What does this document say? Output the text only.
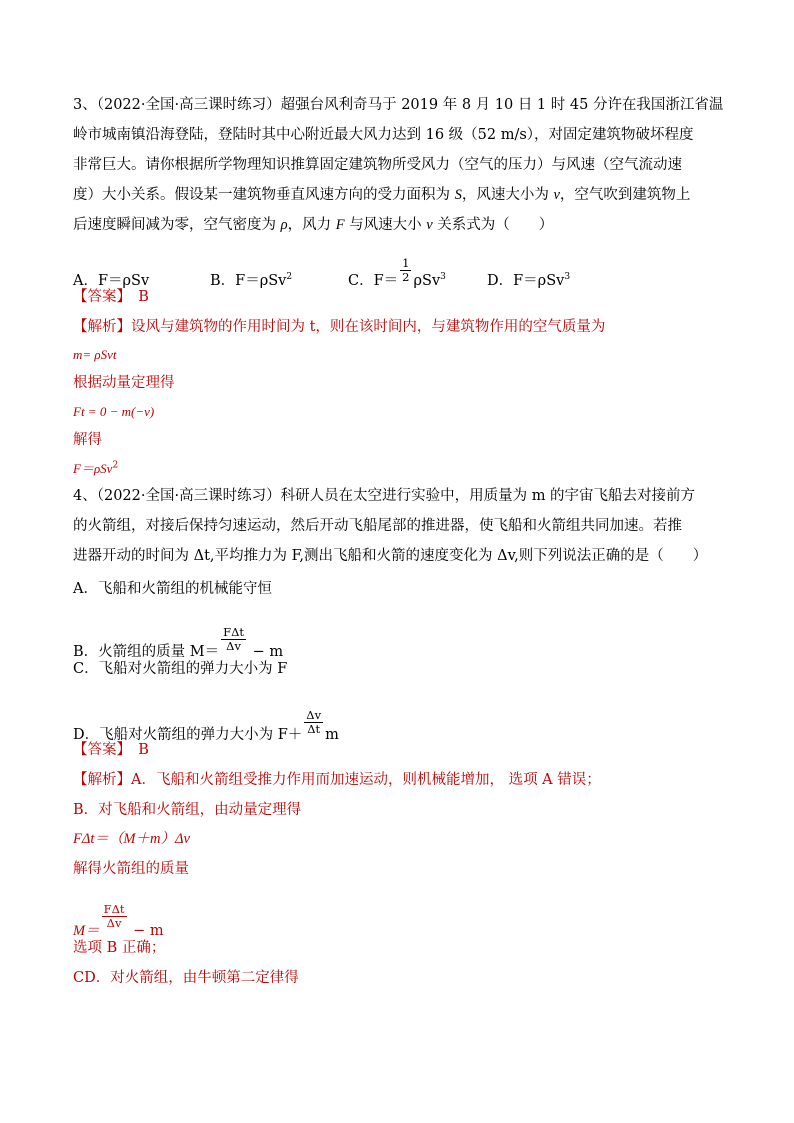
3、（2022·全国·高三课时练习）超强台风利奇马于 2019 年 8 月 10 日 1 时 45 分许在我国浙江省温
岭市城南镇沿海登陆，登陆时其中心附近最大风力达到 16 级（52 m/s），对固定建筑物破坏程度
非常巨大。请你根据所学物理知识推算固定建筑物所受风力（空气的压力）与风速（空气流动速
度）大小关系。假设某一建筑物垂直风速方向的受力面积为 S，风速大小为 v，空气吹到建筑物上
后速度瞬间减为零，空气密度为 ρ，风力 F 与风速大小 v 关系式为（　　）
A．F＝ρSv	B．F＝ρSv$^2$	C．$F= \frac{1}{2} \rho Sv^3$	D．F＝ρSv$^3$
【答案】　 B
【解析】设风与建筑物的作用时间为 t，则在该时间内，与建筑物作用的空气质量为
m= ρSvt
根据动量定理得
Ft = 0 − m(−v)
解得
F＝ρSv$^2$
4、（2022·全国·高三课时练习）科研人员在太空进行实验中，用质量为 m 的宇宙飞船去对接前方
的火箭组，对接后保持匀速运动，然后开动飞船尾部的推进器，使飞船和火箭组共同加速。若推
进器开动的时间为 Δt,平均推力为 F,测出飞船和火箭的速度变化为 Δv,则下列说法正确的是（　　）
A．飞船和火箭组的机械能守恒
B．火箭组的质量 $M= \frac{\text{FΔt}}{\Delta v} - m$
C．飞船对火箭组的弹力大小为 F
D．飞船对火箭组的弹力大小为 $F+ \frac{\Delta v}{\Delta t}$ m
【答案】　 B
【解析】A．飞船和火箭组受推力作用而加速运动，则机械能增加， 选项 A 错误；
B．对飞船和火箭组，由动量定理得
FΔt＝（M＋m）Δv
解得火箭组的质量
M＝
$\frac{\text{FΔt}}{\Delta v}$
− m
选项 B 正确；
CD．对火箭组，由牛顿第二定律得
